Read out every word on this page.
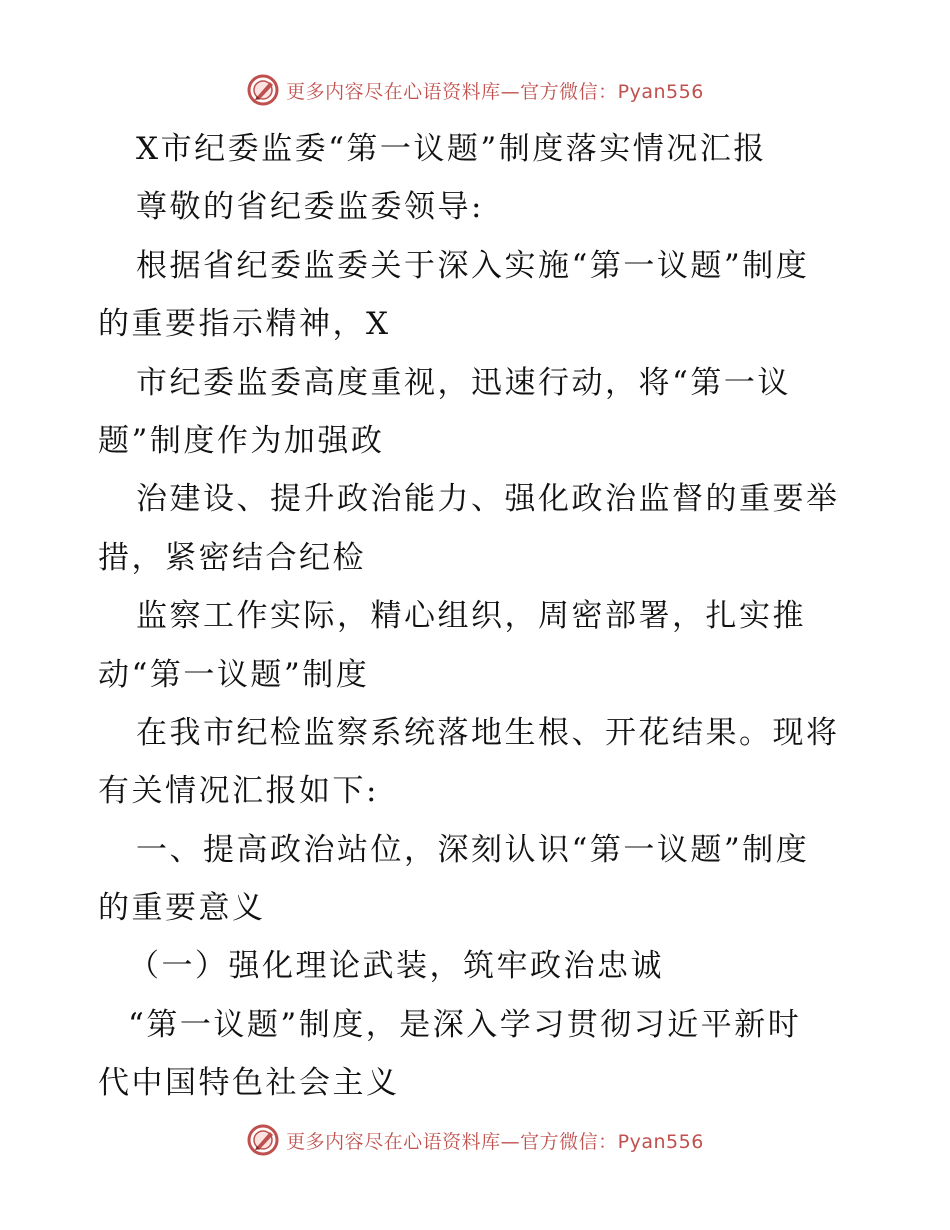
更多内容尽在心语资料库—官方微信：Pyan556
X市纪委监委“第一议题”制度落实情况汇报
尊敬的省纪委监委领导:
根据省纪委监委关于深入实施“第一议题”制度
的重要指示精神，X
市纪委监委高度重视，迅速行动，将“第一议
题”制度作为加强政
治建设、提升政治能力、强化政治监督的重要举
措，紧密结合纪检
监察工作实际，精心组织，周密部署，扎实推
动“第一议题”制度
在我市纪检监察系统落地生根、开花结果。现将
有关情况汇报如下:
一、提高政治站位，深刻认识“第一议题”制度
的重要意义
（一）强化理论武装，筑牢政治忠诚
“第一议题”制度，是深入学习贯彻习近平新时
代中国特色社会主义
更多内容尽在心语资料库—官方微信：Pyan556
